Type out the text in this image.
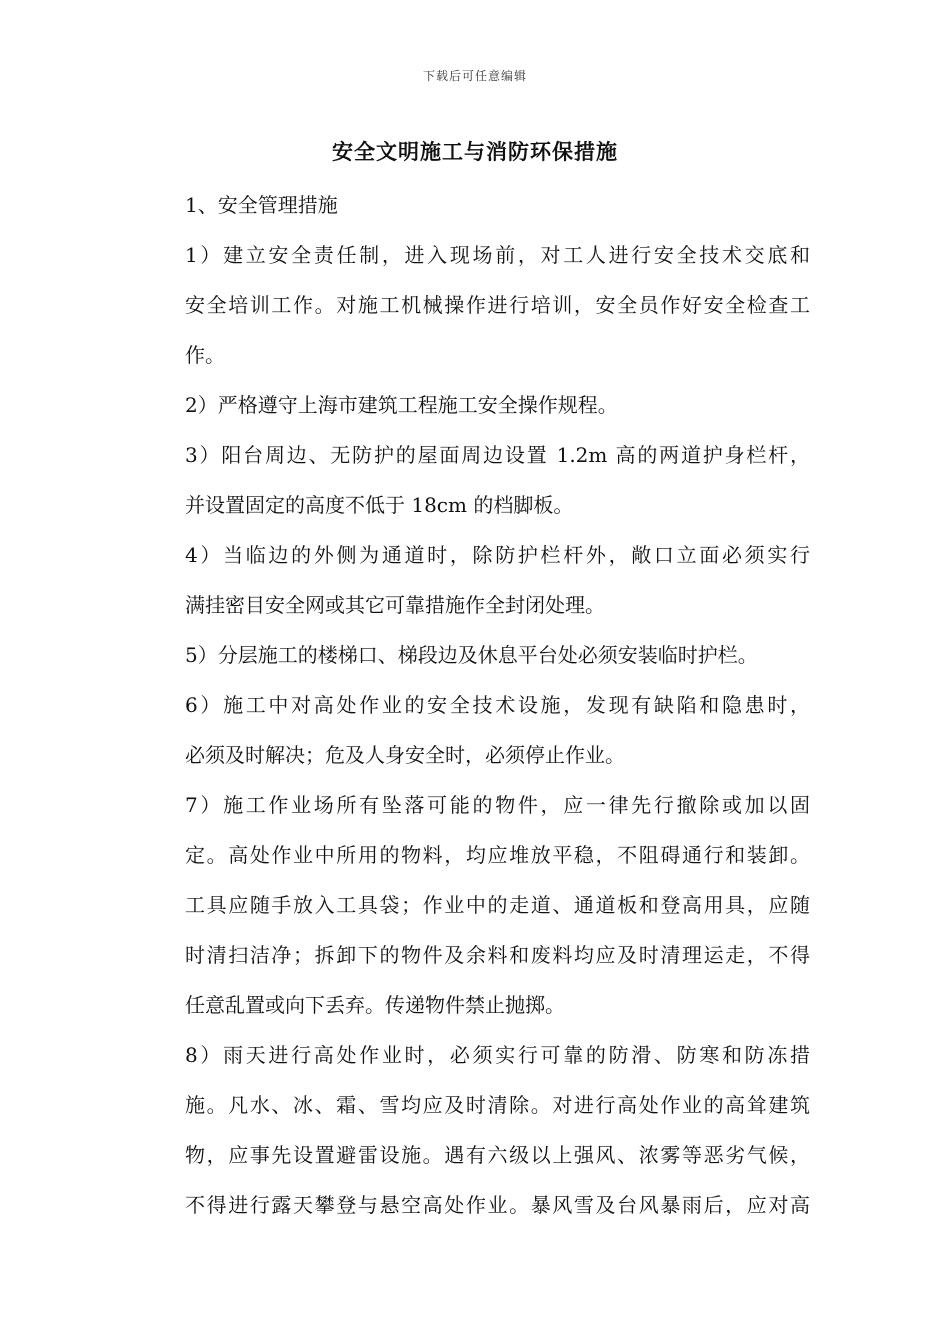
下载后可任意编辑
安全文明施工与消防环保措施

1、安全管理措施

1）建立安全责任制，进入现场前，对工人进行安全技术交底和
安全培训工作。对施工机械操作进行培训，安全员作好安全检查工
作。

2）严格遵守上海市建筑工程施工安全操作规程。

3）阳台周边、无防护的屋面周边设置 1.2m 高的两道护身栏杆，
并设置固定的高度不低于 18cm 的档脚板。

4）当临边的外侧为通道时，除防护栏杆外，敞口立面必须实行
满挂密目安全网或其它可靠措施作全封闭处理。

5）分层施工的楼梯口、梯段边及休息平台处必须安装临时护栏。

6）施工中对高处作业的安全技术设施，发现有缺陷和隐患时，
必须及时解决；危及人身安全时，必须停止作业。

7）施工作业场所有坠落可能的物件，应一律先行撤除或加以固
定。高处作业中所用的物料，均应堆放平稳，不阻碍通行和装卸。
工具应随手放入工具袋；作业中的走道、通道板和登高用具，应随
时清扫洁净；拆卸下的物件及余料和废料均应及时清理运走，不得
任意乱置或向下丢弃。传递物件禁止抛掷。

8）雨天进行高处作业时，必须实行可靠的防滑、防寒和防冻措
施。凡水、冰、霜、雪均应及时清除。对进行高处作业的高耸建筑
物，应事先设置避雷设施。遇有六级以上强风、浓雾等恶劣气候，
不得进行露天攀登与悬空高处作业。暴风雪及台风暴雨后，应对高
